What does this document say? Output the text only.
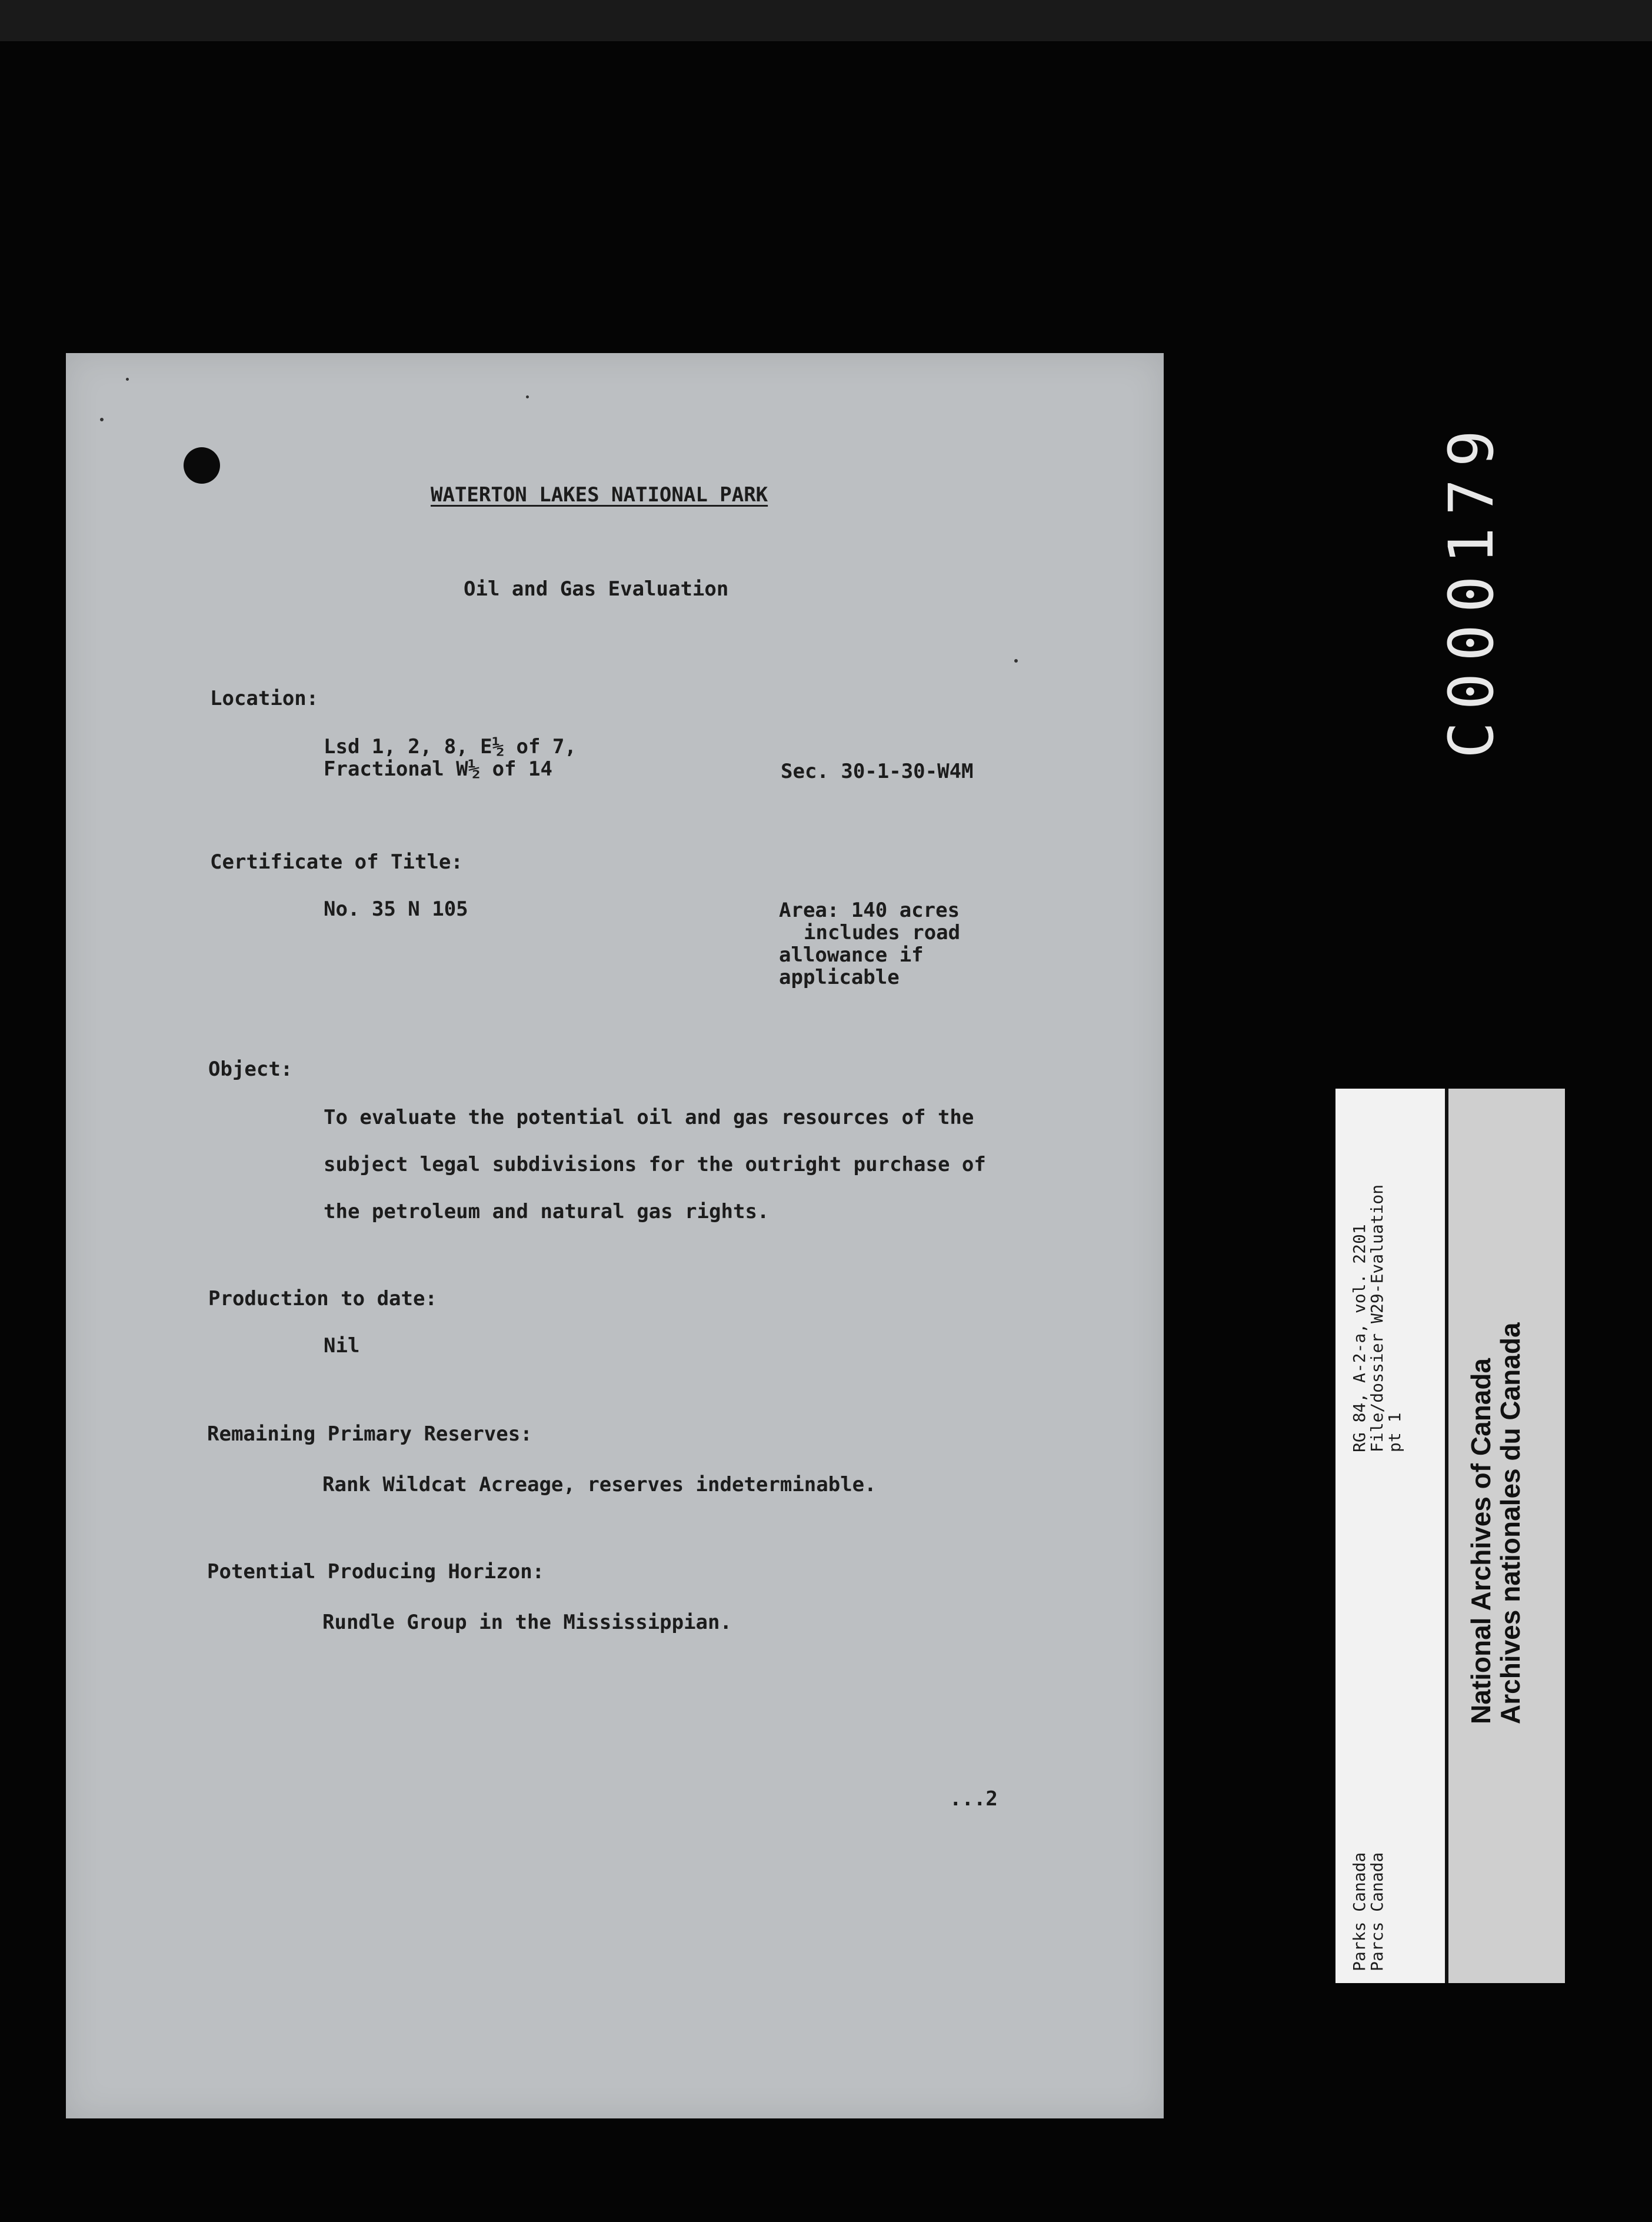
WATERTON LAKES NATIONAL PARK
Oil and Gas Evaluation
Location:
Lsd 1, 2, 8, E½ of 7,
Fractional W½ of 14	Sec. 30-1-30-W4M
Certificate of Title:
No. 35 N 105	Area: 140 acres
includes road
allowance if
applicable
Object:
To evaluate the potential oil and gas resources of the
subject legal subdivisions for the outright purchase of
the petroleum and natural gas rights.
Production to date:
Nil
Remaining Primary Reserves:
Rank Wildcat Acreage, reserves indeterminable.
Potential Producing Horizon:
Rundle Group in the Mississippian.
...2
C000179
RG 84, A-2-a, vol. 2201
File/dossier W29-Evaluation
pt 1
Parks Canada
Parcs Canada
National Archives of Canada
Archives nationales du Canada
